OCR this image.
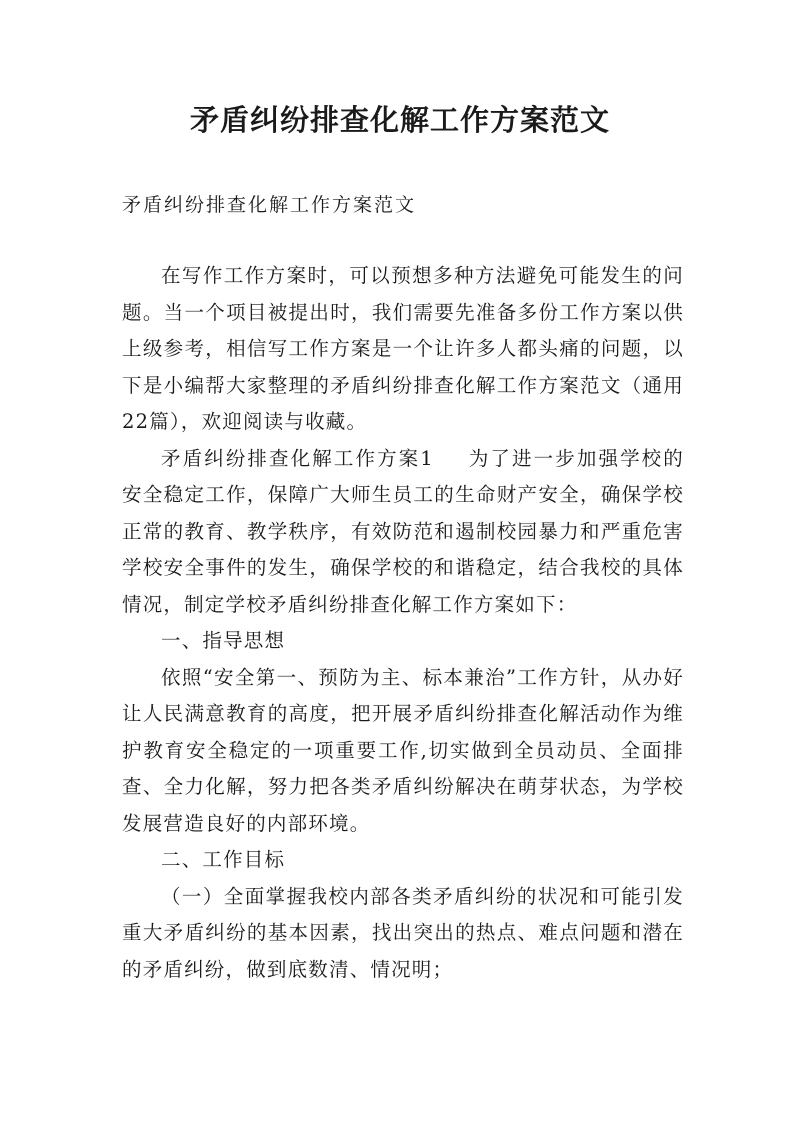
矛盾纠纷排查化解工作方案范文

矛盾纠纷排查化解工作方案范文

在写作工作方案时，可以预想多种方法避免可能发生的问题。当一个项目被提出时，我们需要先准备多份工作方案以供上级参考，相信写工作方案是一个让许多人都头痛的问题，以下是小编帮大家整理的矛盾纠纷排查化解工作方案范文（通用22篇），欢迎阅读与收藏。

矛盾纠纷排查化解工作方案1 为了进一步加强学校的安全稳定工作，保障广大师生员工的生命财产安全，确保学校正常的教育、教学秩序，有效防范和遏制校园暴力和严重危害学校安全事件的发生，确保学校的和谐稳定，结合我校的具体情况，制定学校矛盾纠纷排查化解工作方案如下：

一、指导思想

依照“安全第一、预防为主、标本兼治”工作方针，从办好让人民满意教育的高度，把开展矛盾纠纷排查化解活动作为维护教育安全稳定的一项重要工作,切实做到全员动员、全面排查、全力化解，努力把各类矛盾纠纷解决在萌芽状态，为学校发展营造良好的内部环境。

二、工作目标

（一）全面掌握我校内部各类矛盾纠纷的状况和可能引发重大矛盾纠纷的基本因素，找出突出的热点、难点问题和潜在的矛盾纠纷，做到底数清、情况明；
